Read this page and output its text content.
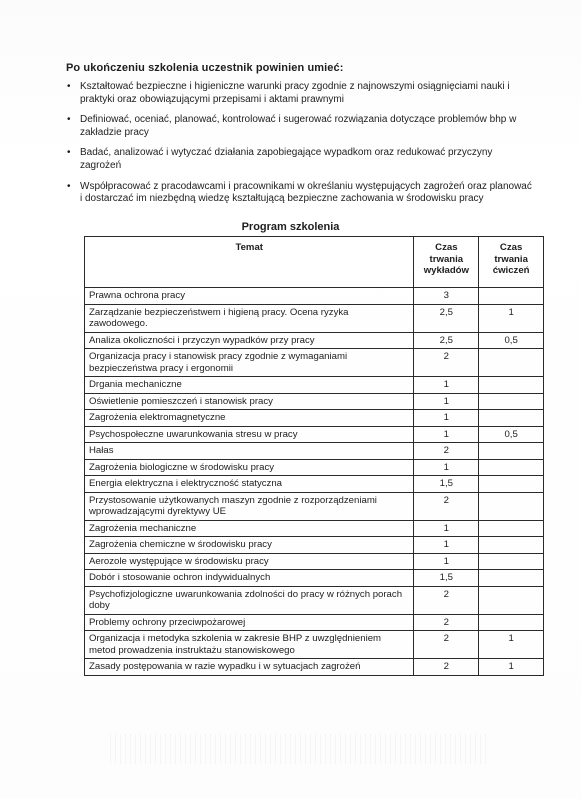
Po ukończeniu szkolenia uczestnik powinien umieć:
• Kształtować bezpieczne i higieniczne warunki pracy zgodnie z najnowszymi osiągnięciami nauki i praktyki oraz obowiązującymi przepisami i aktami prawnymi
• Definiować, oceniać, planować, kontrolować i sugerować rozwiązania dotyczące problemów bhp w zakładzie pracy
• Badać, analizować i wytyczać działania zapobiegające wypadkom oraz redukować przyczyny zagrożeń
• Współpracować z pracodawcami i pracownikami w określaniu występujących zagrożeń oraz planować i dostarczać im niezbędną wiedzę kształtującą bezpieczne zachowania w środowisku pracy
Program szkolenia
Temat	Czas trwania wykładów	Czas trwania ćwiczeń
Prawna ochrona pracy	3	
Zarządzanie bezpieczeństwem i higieną pracy. Ocena ryzyka zawodowego.	2,5	1
Analiza okoliczności i przyczyn wypadków przy pracy	2,5	0,5
Organizacja pracy i stanowisk pracy zgodnie z wymaganiami bezpieczeństwa pracy i ergonomii	2	
Drgania mechaniczne	1	
Oświetlenie pomieszczeń i stanowisk pracy	1	
Zagrożenia elektromagnetyczne	1	
Psychospołeczne uwarunkowania stresu w pracy	1	0,5
Hałas	2	
Zagrożenia biologiczne w środowisku pracy	1	
Energia elektryczna i elektryczność statyczna	1,5	
Przystosowanie użytkowanych maszyn zgodnie z rozporządzeniami wprowadzającymi dyrektywy UE	2	
Zagrożenia mechaniczne	1	
Zagrożenia chemiczne w środowisku pracy	1	
Aerozole występujące w środowisku pracy	1	
Dobór i stosowanie ochron indywidualnych	1,5	
Psychofizjologiczne uwarunkowania zdolności do pracy w różnych porach doby	2	
Problemy ochrony przeciwpożarowej	2	
Organizacja i metodyka szkolenia w zakresie BHP z uwzględnieniem metod prowadzenia instruktażu stanowiskowego	2	1
Zasady postępowania w razie wypadku i w sytuacjach zagrożeń	2	1
